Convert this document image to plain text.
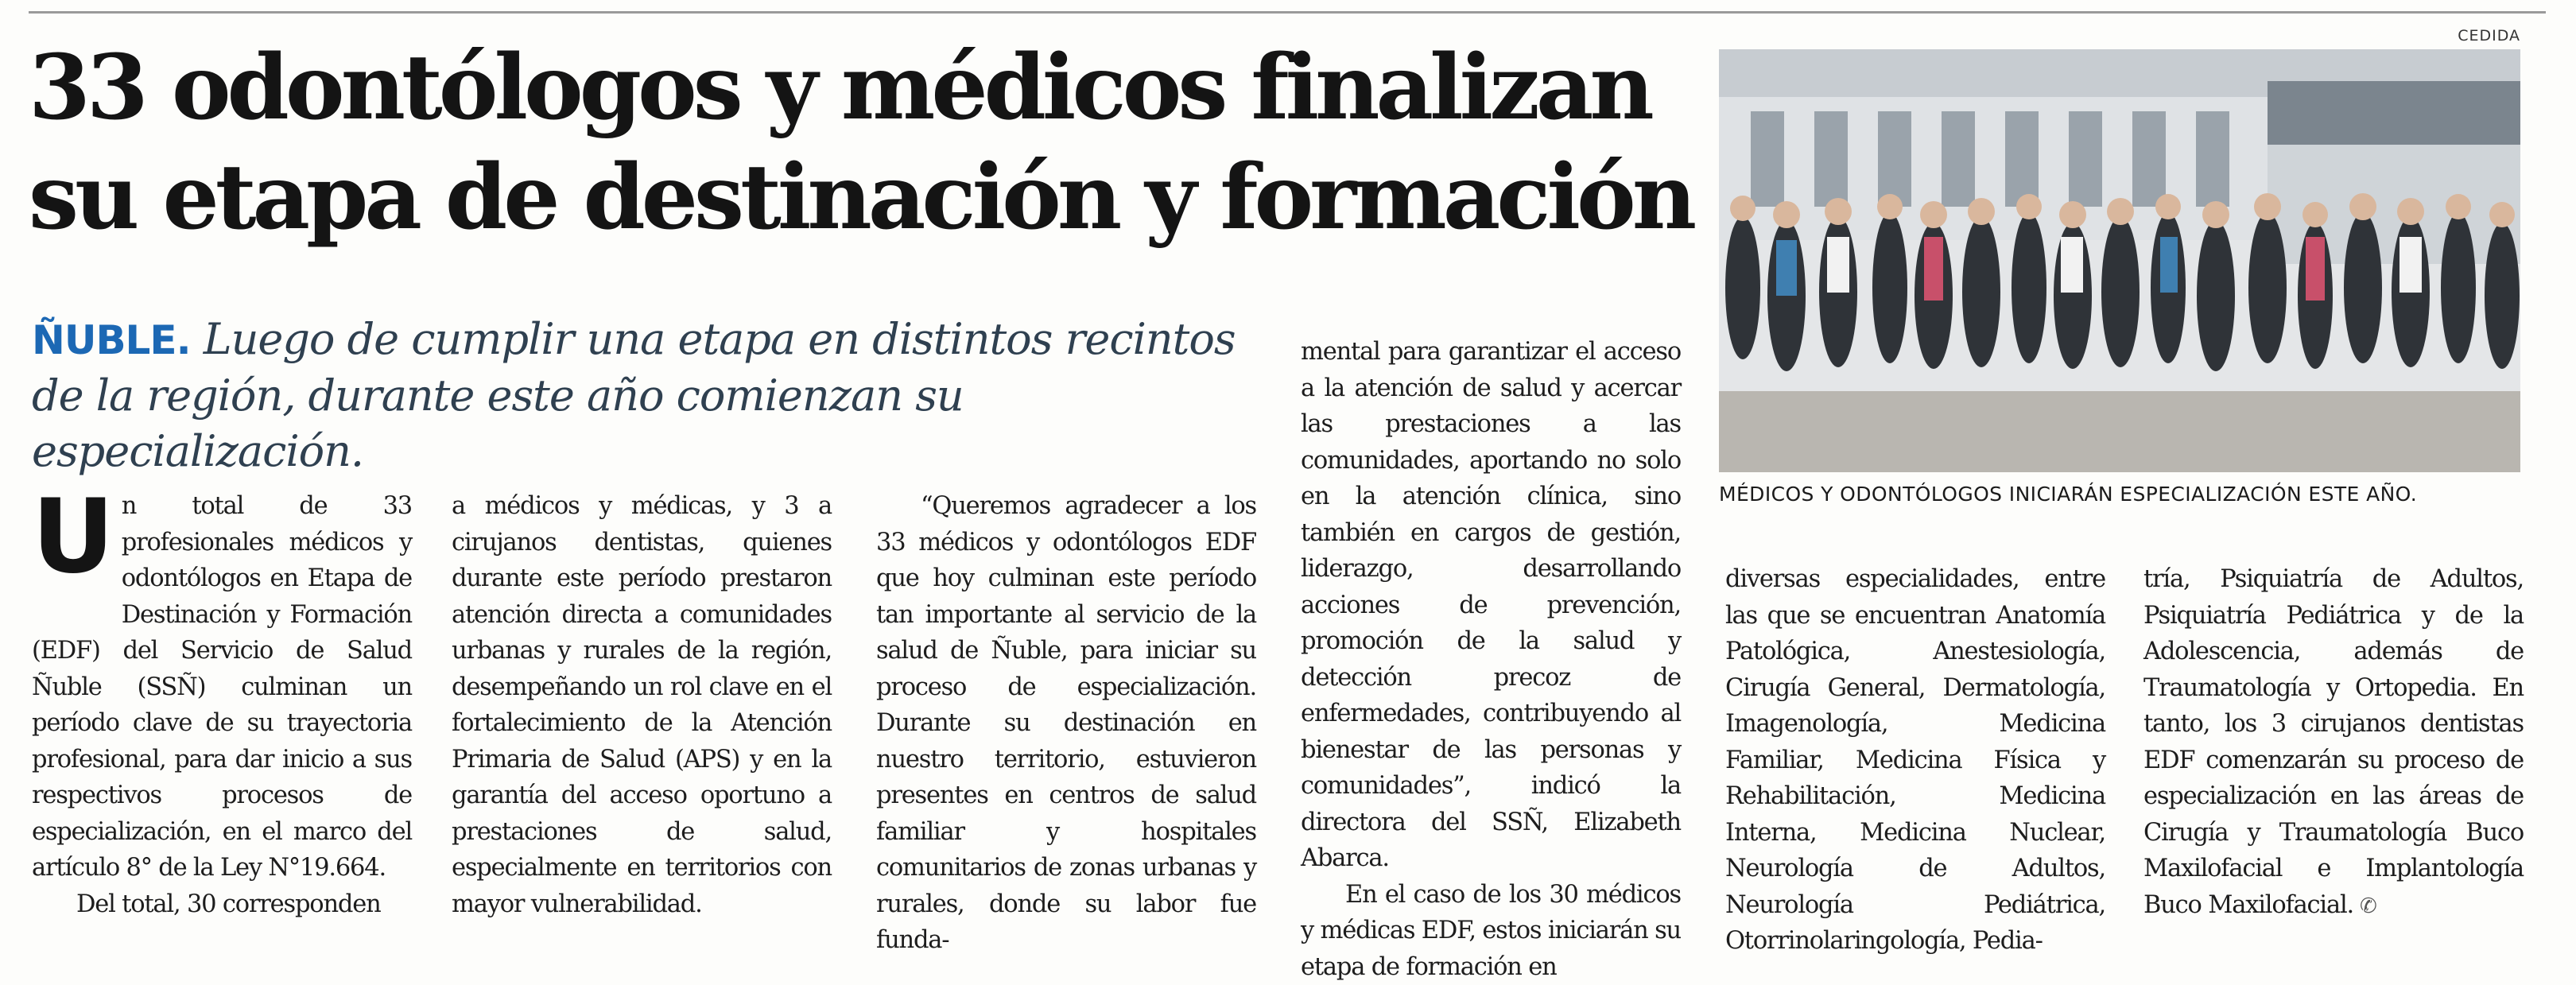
33 odontólogos y médicos finalizan
su etapa de destinación y formación
ÑUBLE. Luego de cumplir una etapa en distintos recintos de la región, durante este año comienzan su especialización.

Un total de 33 profesionales médicos y odontólogos en Etapa de Destinación y Formación (EDF) del Servicio de Salud Ñuble (SSÑ) culminan un período clave de su trayectoria profesional, para dar inicio a sus respectivos procesos de especialización, en el marco del artículo 8° de la Ley N°19.664.

Del total, 30 corresponden

a médicos y médicas, y 3 a cirujanos dentistas, quienes durante este período prestaron atención directa a comunidades urbanas y rurales de la región, desempeñando un rol clave en el fortalecimiento de la Atención Primaria de Salud (APS) y en la garantía del acceso oportuno a prestaciones de salud, especialmente en territorios con mayor vulnerabilidad.

“Queremos agradecer a los 33 médicos y odontólogos EDF que hoy culminan este período tan importante al servicio de la salud de Ñuble, para iniciar su proceso de especialización. Durante su destinación en nuestro territorio, estuvieron presentes en centros de salud familiar y hospitales comunitarios de zonas urbanas y rurales, donde su labor fue funda-

mental para garantizar el acceso a la atención de salud y acercar las prestaciones a las comunidades, aportando no solo en la atención clínica, sino también en cargos de gestión, liderazgo, desarrollando acciones de prevención, promoción de la salud y detección precoz de enfermedades, contribuyendo al bienestar de las personas y comunidades”, indicó la directora del SSÑ, Elizabeth Abarca.

En el caso de los 30 médicos y médicas EDF, estos iniciarán su etapa de formación en

CEDIDA
MÉDICOS Y ODONTÓLOGOS INICIARÁN ESPECIALIZACIÓN ESTE AÑO.

diversas especialidades, entre las que se encuentran Anatomía Patológica, Anestesiología, Cirugía General, Dermatología, Imagenología, Medicina Familiar, Medicina Física y Rehabilitación, Medicina Interna, Medicina Nuclear, Neurología de Adultos, Neurología Pediátrica, Otorrinolaringología, Pedia-

tría, Psiquiatría de Adultos, Psiquiatría Pediátrica y de la Adolescencia, además de Traumatología y Ortopedia. En tanto, los 3 cirujanos dentistas EDF comenzarán su proceso de especialización en las áreas de Cirugía y Traumatología Buco Maxilofacial e Implantología Buco Maxilofacial. ✆
